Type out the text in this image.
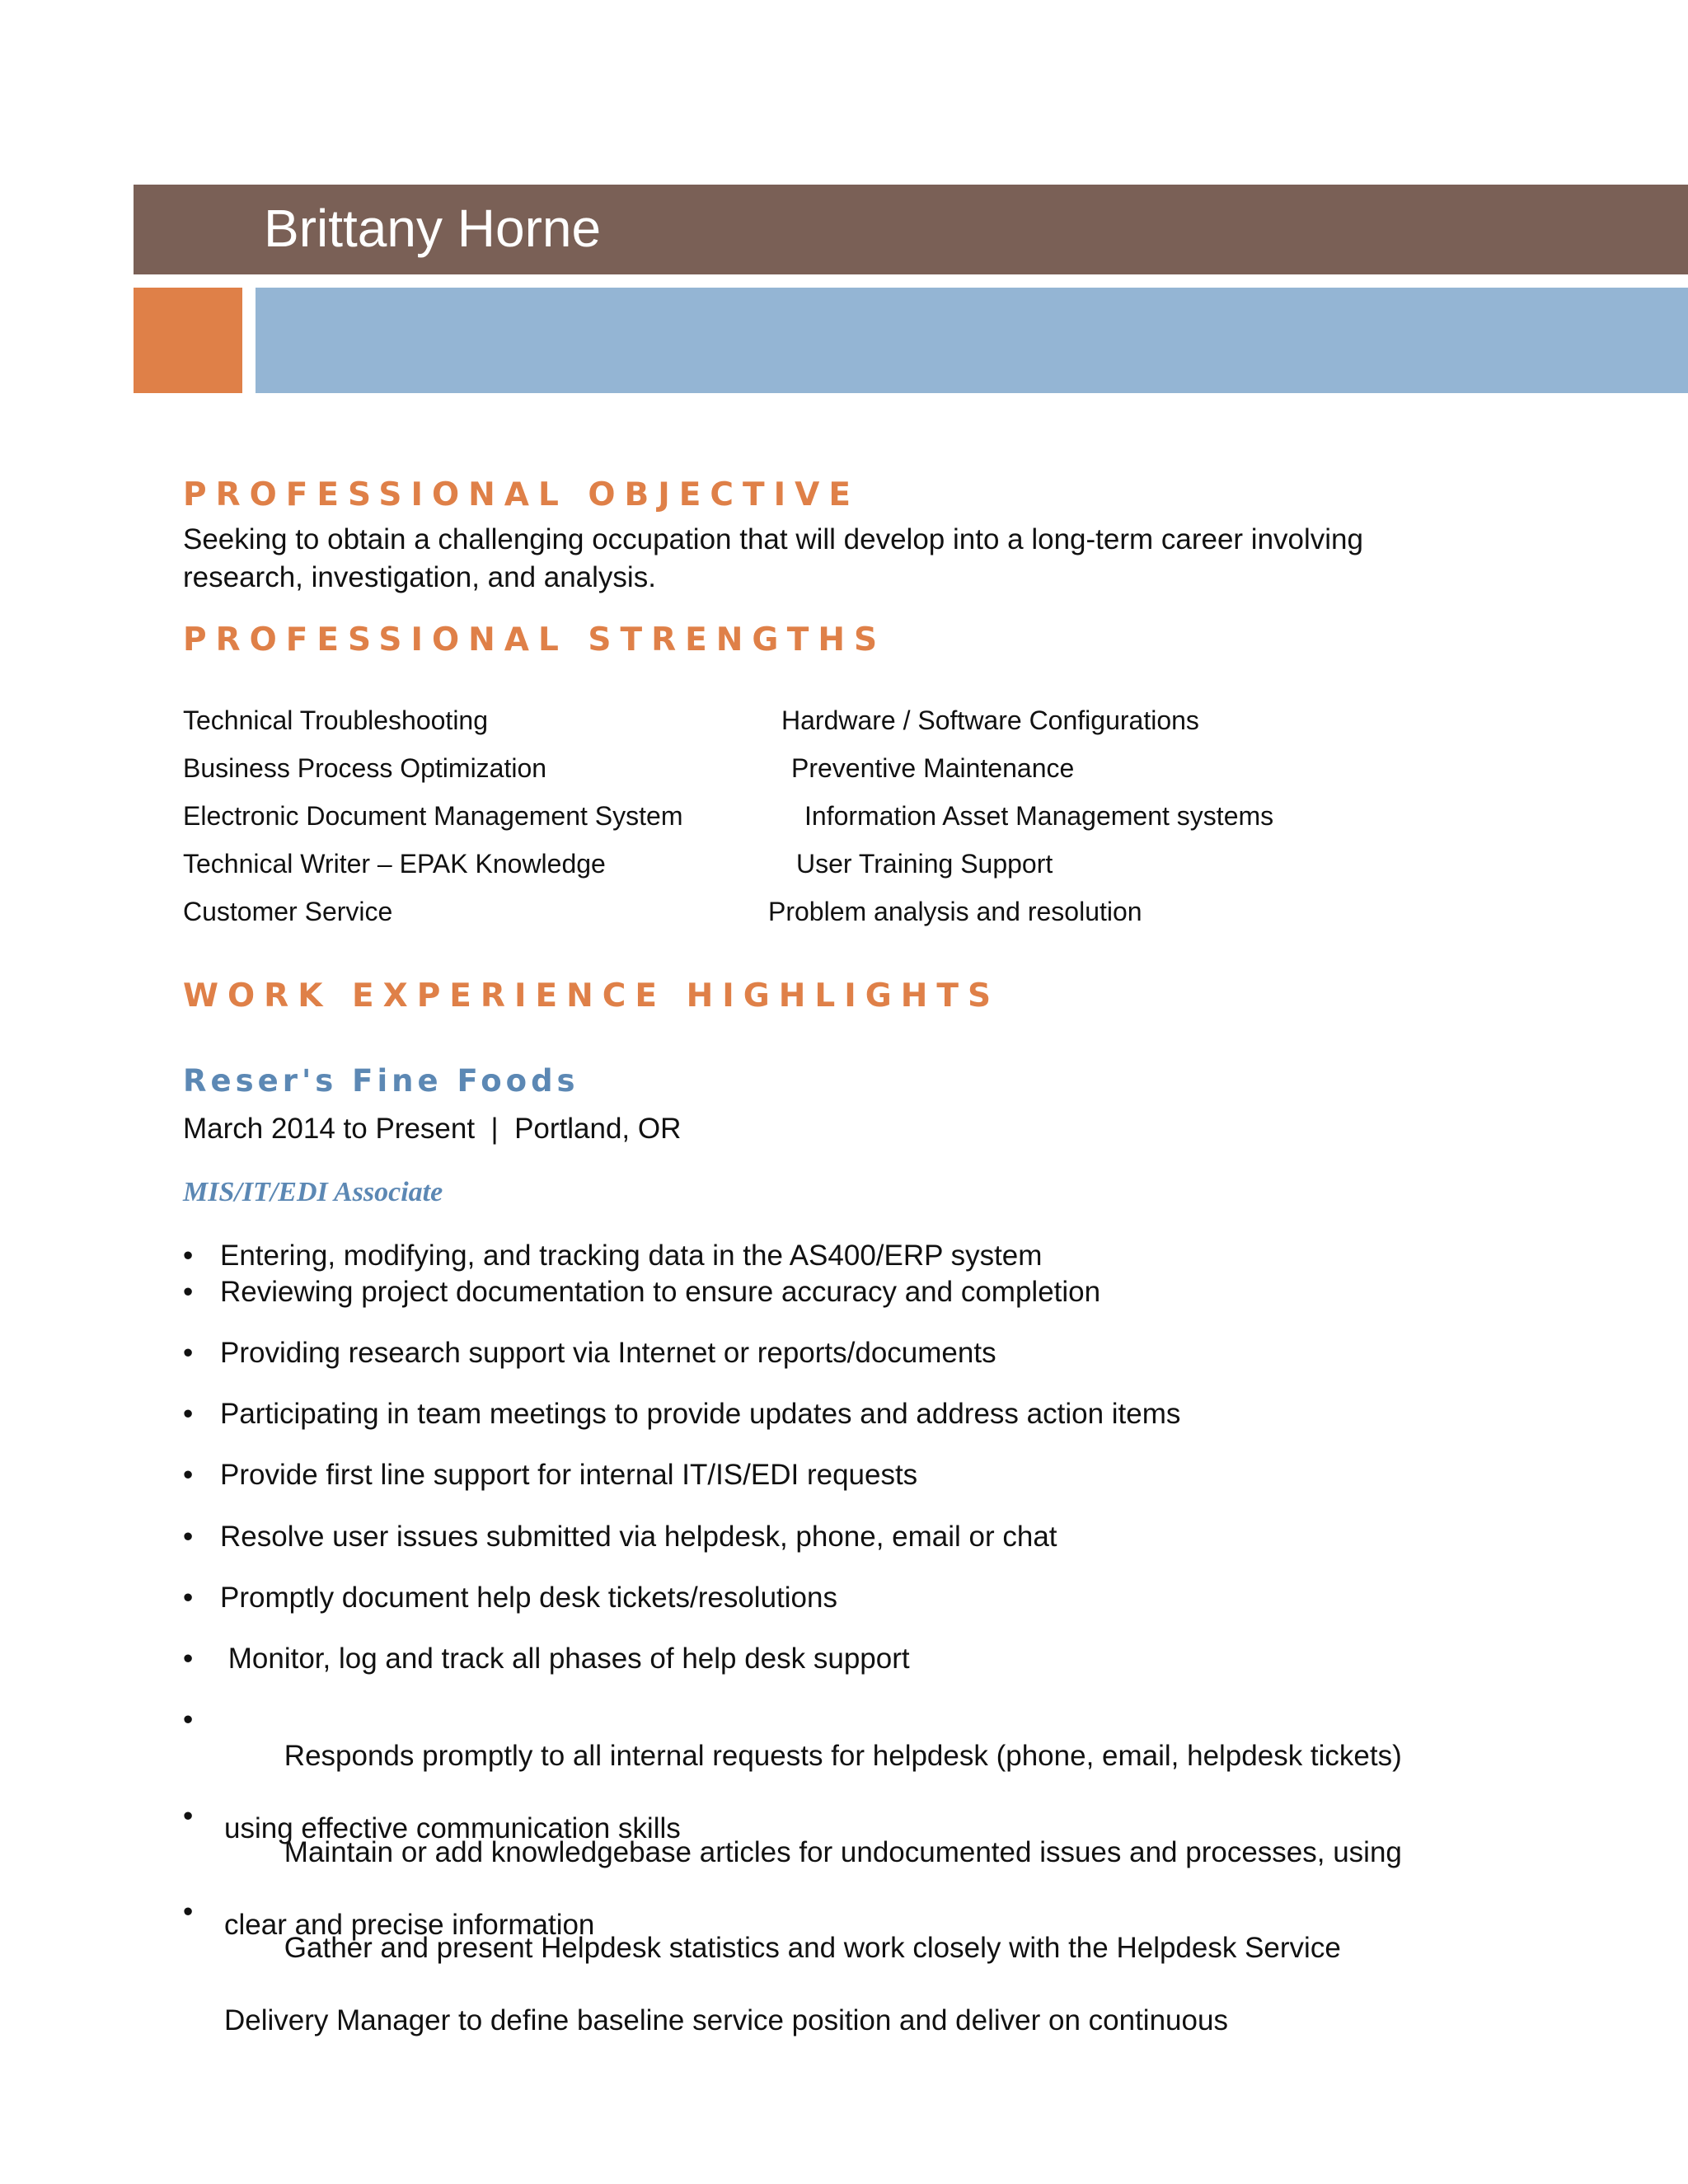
Brittany Horne
PROFESSIONAL OBJECTIVE
Seeking to obtain a challenging occupation that will develop into a long-term career involving research, investigation, and analysis.
PROFESSIONAL STRENGTHS
Technical Troubleshooting	Hardware / Software Configurations
Business Process Optimization	Preventive Maintenance
Electronic Document Management System	Information Asset Management systems
Technical Writer – EPAK Knowledge	User Training Support
Customer Service	Problem analysis and resolution
WORK EXPERIENCE HIGHLIGHTS
Reser's Fine Foods
March 2014 to Present  |  Portland, OR
MIS/IT/EDI Associate
• Entering, modifying, and tracking data in the AS400/ERP system
• Reviewing project documentation to ensure accuracy and completion
• Providing research support via Internet or reports/documents
• Participating in team meetings to provide updates and address action items
• Provide first line support for internal IT/IS/EDI requests
• Resolve user issues submitted via helpdesk, phone, email or chat
• Promptly document help desk tickets/resolutions
• Monitor, log and track all phases of help desk support
•

Responds promptly to all internal requests for helpdesk (phone, email, helpdesk tickets)

using effective communication skills

•

Maintain or add knowledgebase articles for undocumented issues and processes, using

clear and precise information

•

Gather and present Helpdesk statistics and work closely with the Helpdesk Service

Delivery Manager to define baseline service position and deliver on continuous
